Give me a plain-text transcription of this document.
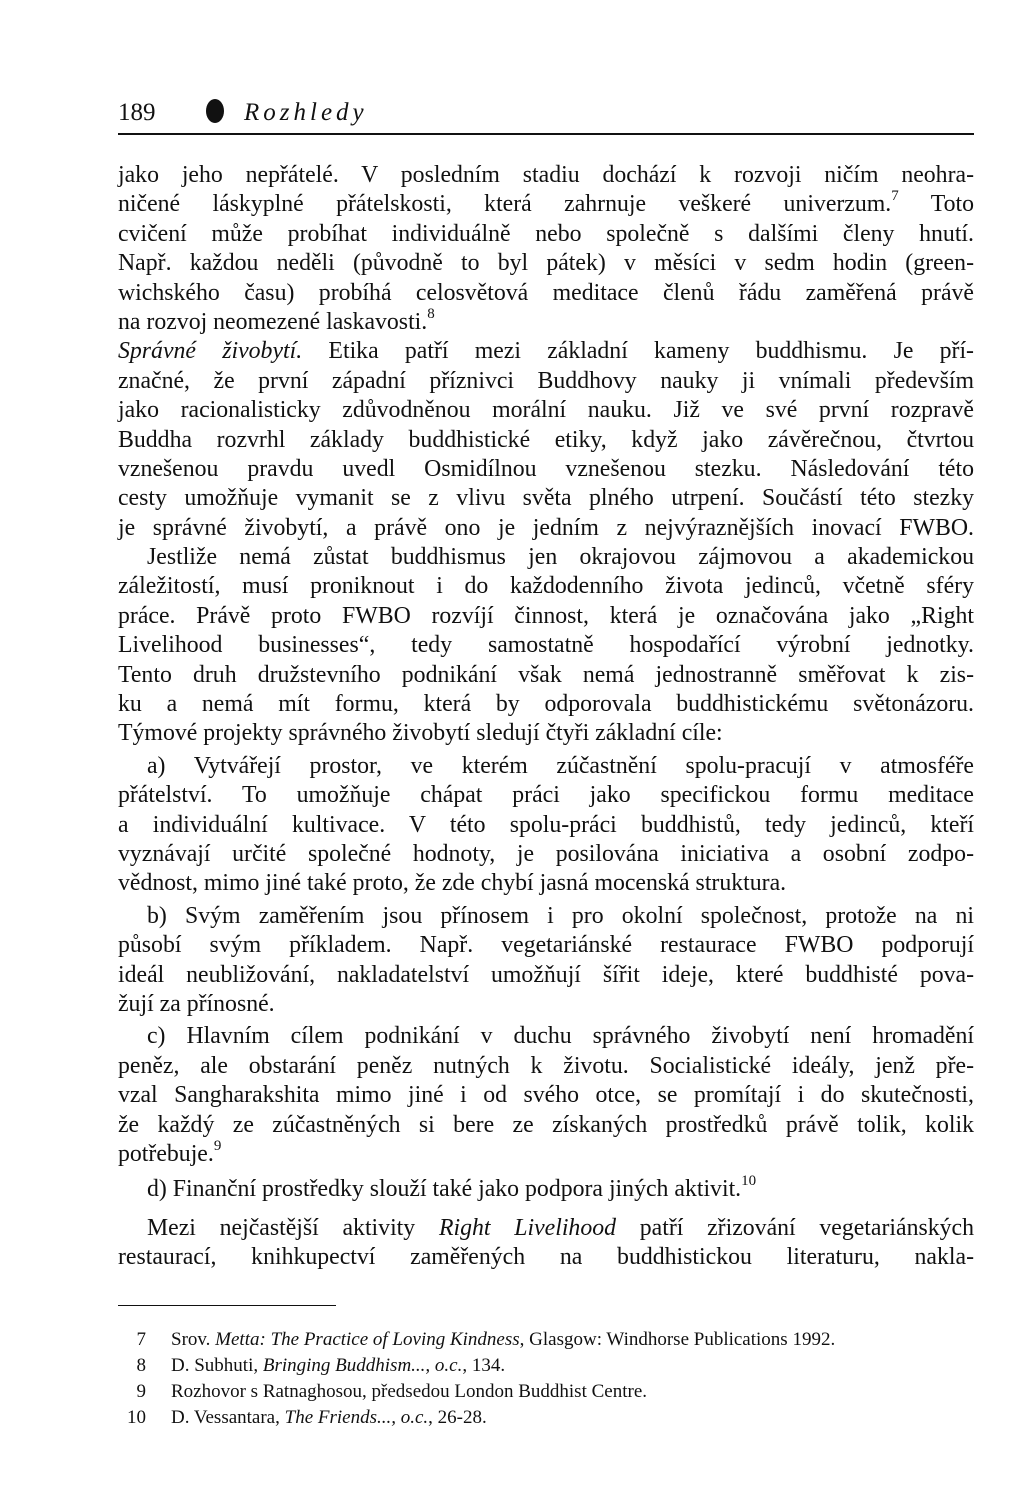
189	Rozhledy
jako jeho nepřátelé. V posledním stadiu dochází k rozvoji ničím neohra-
ničené láskyplné přátelskosti, která zahrnuje veškeré univerzum.$^7$ Toto
cvičení může probíhat individuálně nebo společně s dalšími členy hnutí.
Např. každou neděli (původně to byl pátek) v měsíci v sedm hodin (green-
wichského času) probíhá celosvětová meditace členů řádu zaměřená právě
na rozvoj neomezené laskavosti.$^8$
Správné živobytí. Etika patří mezi základní kameny buddhismu. Je pří-
značné, že první západní příznivci Buddhovy nauky ji vnímali především
jako racionalisticky zdůvodněnou morální nauku. Již ve své první rozpravě
Buddha rozvrhl základy buddhistické etiky, když jako závěrečnou, čtvrtou
vznešenou pravdu uvedl Osmidílnou vznešenou stezku. Následování této
cesty umožňuje vymanit se z vlivu světa plného utrpení. Součástí této stezky
je správné živobytí, a právě ono je jedním z nejvýraznějších inovací FWBO.
Jestliže nemá zůstat buddhismus jen okrajovou zájmovou a akademickou
záležitostí, musí proniknout i do každodenního života jedinců, včetně sféry
práce. Právě proto FWBO rozvíjí činnost, která je označována jako „Right
Livelihood businesses“, tedy samostatně hospodařící výrobní jednotky.
Tento druh družstevního podnikání však nemá jednostranně směřovat k zis-
ku a nemá mít formu, která by odporovala buddhistickému světonázoru.
Týmové projekty správného živobytí sledují čtyři základní cíle:
a) Vytvářejí prostor, ve kterém zúčastnění spolu-pracují v atmosféře
přátelství. To umožňuje chápat práci jako specifickou formu meditace
a individuální kultivace. V této spolu-práci buddhistů, tedy jedinců, kteří
vyznávají určité společné hodnoty, je posilována iniciativa a osobní zodpo-
vědnost, mimo jiné také proto, že zde chybí jasná mocenská struktura.
b) Svým zaměřením jsou přínosem i pro okolní společnost, protože na ni
působí svým příkladem. Např. vegetariánské restaurace FWBO podporují
ideál neubližování, nakladatelství umožňují šířit ideje, které buddhisté pova-
žují za přínosné.
c) Hlavním cílem podnikání v duchu správného živobytí není hromadění
peněz, ale obstarání peněz nutných k životu. Socialistické ideály, jenž pře-
vzal Sangharakshita mimo jiné i od svého otce, se promítají i do skutečnosti,
že každý ze zúčastněných si bere ze získaných prostředků právě tolik, kolik
potřebuje.$^9$
d) Finanční prostředky slouží také jako podpora jiných aktivit.$^{10}$
Mezi nejčastější aktivity Right Livelihood patří zřizování vegetariánských
restaurací, knihkupectví zaměřených na buddhistickou literaturu, nakla-
7 Srov. Metta: The Practice of Loving Kindness, Glasgow: Windhorse Publications 1992.
8 D. Subhuti, Bringing Buddhism..., o.c., 134.
9 Rozhovor s Ratnaghosou, předsedou London Buddhist Centre.
10 D. Vessantara, The Friends..., o.c., 26-28.
